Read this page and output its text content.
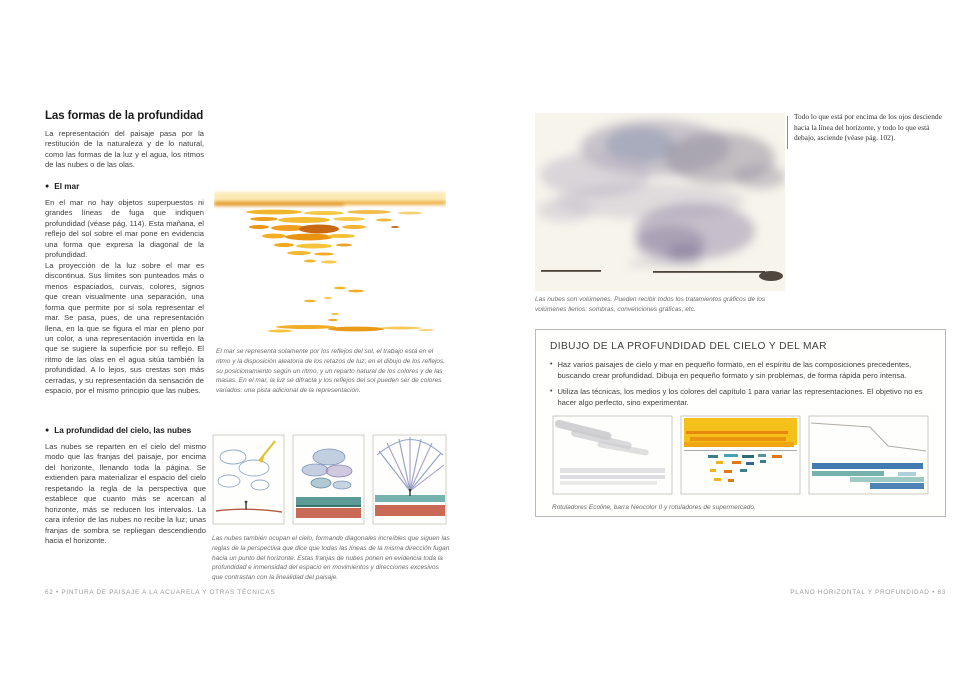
Las formas de la profundidad
La representación del paisaje pasa por la restitución de la naturaleza y de lo natural, como las formas de la luz y el agua, los ritmos de las nubes o de las olas.
● El mar

En el mar no hay objetos superpuestos ni grandes líneas de fuga que indiquen profundidad (véase pág. 114). Esta mañana, el reflejo del sol sobre el mar pone en evidencia una forma que expresa la diagonal de la profundidad.

La proyección de la luz sobre el mar es discontinua. Sus límites son punteados más o menos espaciados, curvas, colores, signos que crean visualmente una separación, una forma que permite por sí sola representar el mar. Se pasa, pues, de una representación llena, en la que se figura el mar en pleno por un color, a una representación invertida en la que se sugiere la superficie por su reflejo. El ritmo de las olas en el agua sitúa también la profundidad. A lo lejos, sus crestas son más cerradas, y su representación da sensación de espacio, por el mismo principio que las nubes.

El mar se representa solamente por los reflejos del sol, el trabajo está en el ritmo y la disposición aleatoria de los retazos de luz; en el dibujo de los reflejos, su posicionamiento según un ritmo, y un reparto natural de los colores y de las masas. En el mar, la luz se difracta y los reflejos del sol pueden ser de colores variados: una pista adicional de la representación.
● La profundidad del cielo, las nubes

Las nubes se reparten en el cielo del mismo modo que las franjas del paisaje, por encima del horizonte, llenando toda la página. Se extienden para materializar el espacio del cielo respetando la regla de la perspectiva que establece que cuanto más se acercan al horizonte, más se reducen los intervalos. La cara inferior de las nubes no recibe la luz; unas franjas de sombra se repliegan descendiendo hacia el horizonte.	Las nubes también ocupan el cielo, formando diagonales increíbles que siguen las reglas de la perspectiva que dice que todas las líneas de la misma dirección fugan hacia un punto del horizonte. Estas franjas de nubes ponen en evidencia toda la profundidad e inmensidad del espacio en movimientos y direcciones excesivos que contrastan con la linealidad del paisaje.
62 • PINTURA DE PAISAJE A LA ACUARELA Y OTRAS TÉCNICAS
Todo lo que está por encima de los ojos desciende hacia la línea del horizonte, y todo lo que está debajo, asciende (véase pág. 102).
Las nubes son volúmenes. Pueden recibir todos los tratamientos gráficos de los volúmenes llenos: sombras, convenciones gráficas, etc.
DIBUJO DE LA PROFUNDIDAD DEL CIELO Y DEL MAR
• Haz varios paisajes de cielo y mar en pequeño formato, en el espíritu de las composiciones precedentes, buscando crear profundidad. Dibuja en pequeño formato y sin problemas, de forma rápida pero intensa.
• Utiliza las técnicas, los medios y los colores del capítulo 1 para variar las representaciones. El objetivo no es hacer algo perfecto, sino experimentar.
Rotuladores Ecoline, barra Neocolor II y rotuladores de supermercado.
PLANO HORIZONTAL Y PROFUNDIDAD • 63
